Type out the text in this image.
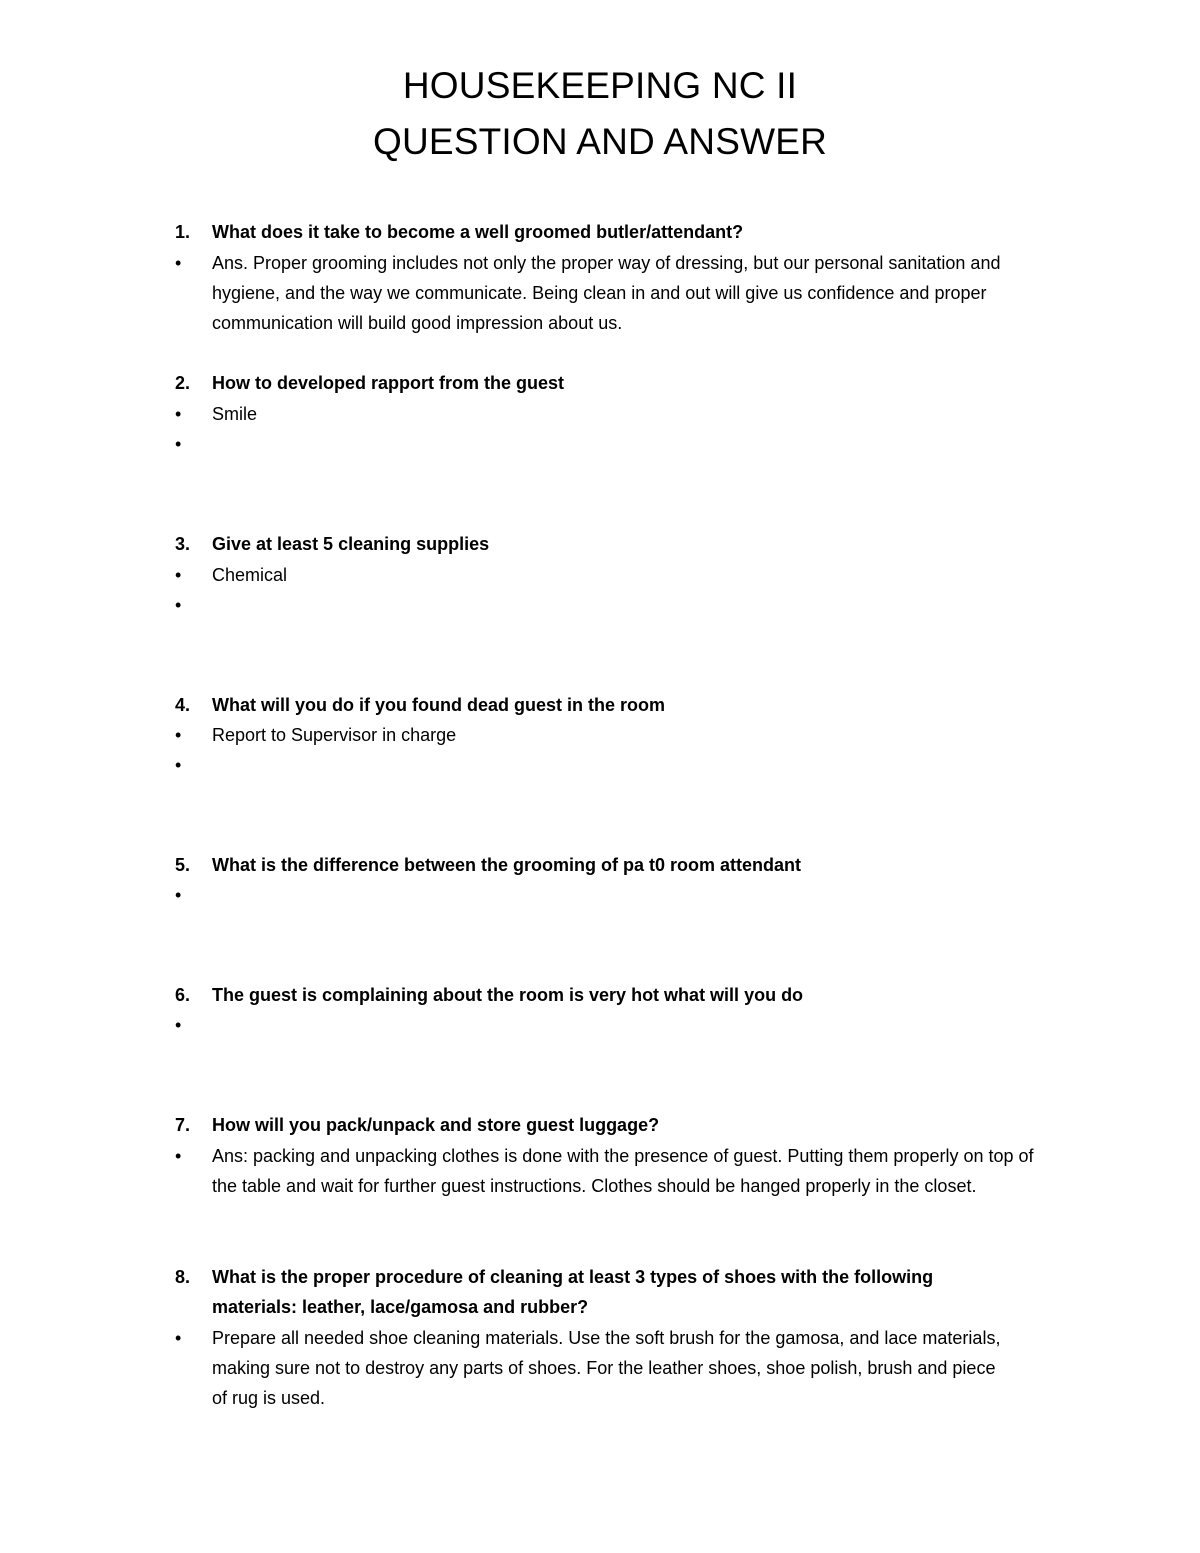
HOUSEKEEPING NC II
QUESTION AND ANSWER
1. What does it take to become a well groomed butler/attendant?
• Ans. Proper grooming includes not only the proper way of dressing, but our personal sanitation and hygiene, and the way we communicate. Being clean in and out will give us confidence and proper communication will build good impression about us.
2. How to developed rapport from the guest
• Smile
•
3. Give at least 5 cleaning supplies
• Chemical
•
4. What will you do if you found dead guest in the room
• Report to Supervisor in charge
•
5. What is the difference between the grooming of pa t0 room attendant
•
6. The guest is complaining about the room is very hot what will you do
•
7. How will you pack/unpack and store guest luggage?
• Ans: packing and unpacking clothes is done with the presence of guest. Putting them properly on top of the table and wait for further guest instructions. Clothes should be hanged properly in the closet.
8. What is the proper procedure of cleaning at least 3 types of shoes with the following materials: leather, lace/gamosa and rubber?
• Prepare all needed shoe cleaning materials. Use the soft brush for the gamosa, and lace materials, making sure not to destroy any parts of shoes. For the leather shoes, shoe polish, brush and piece of rug is used.
